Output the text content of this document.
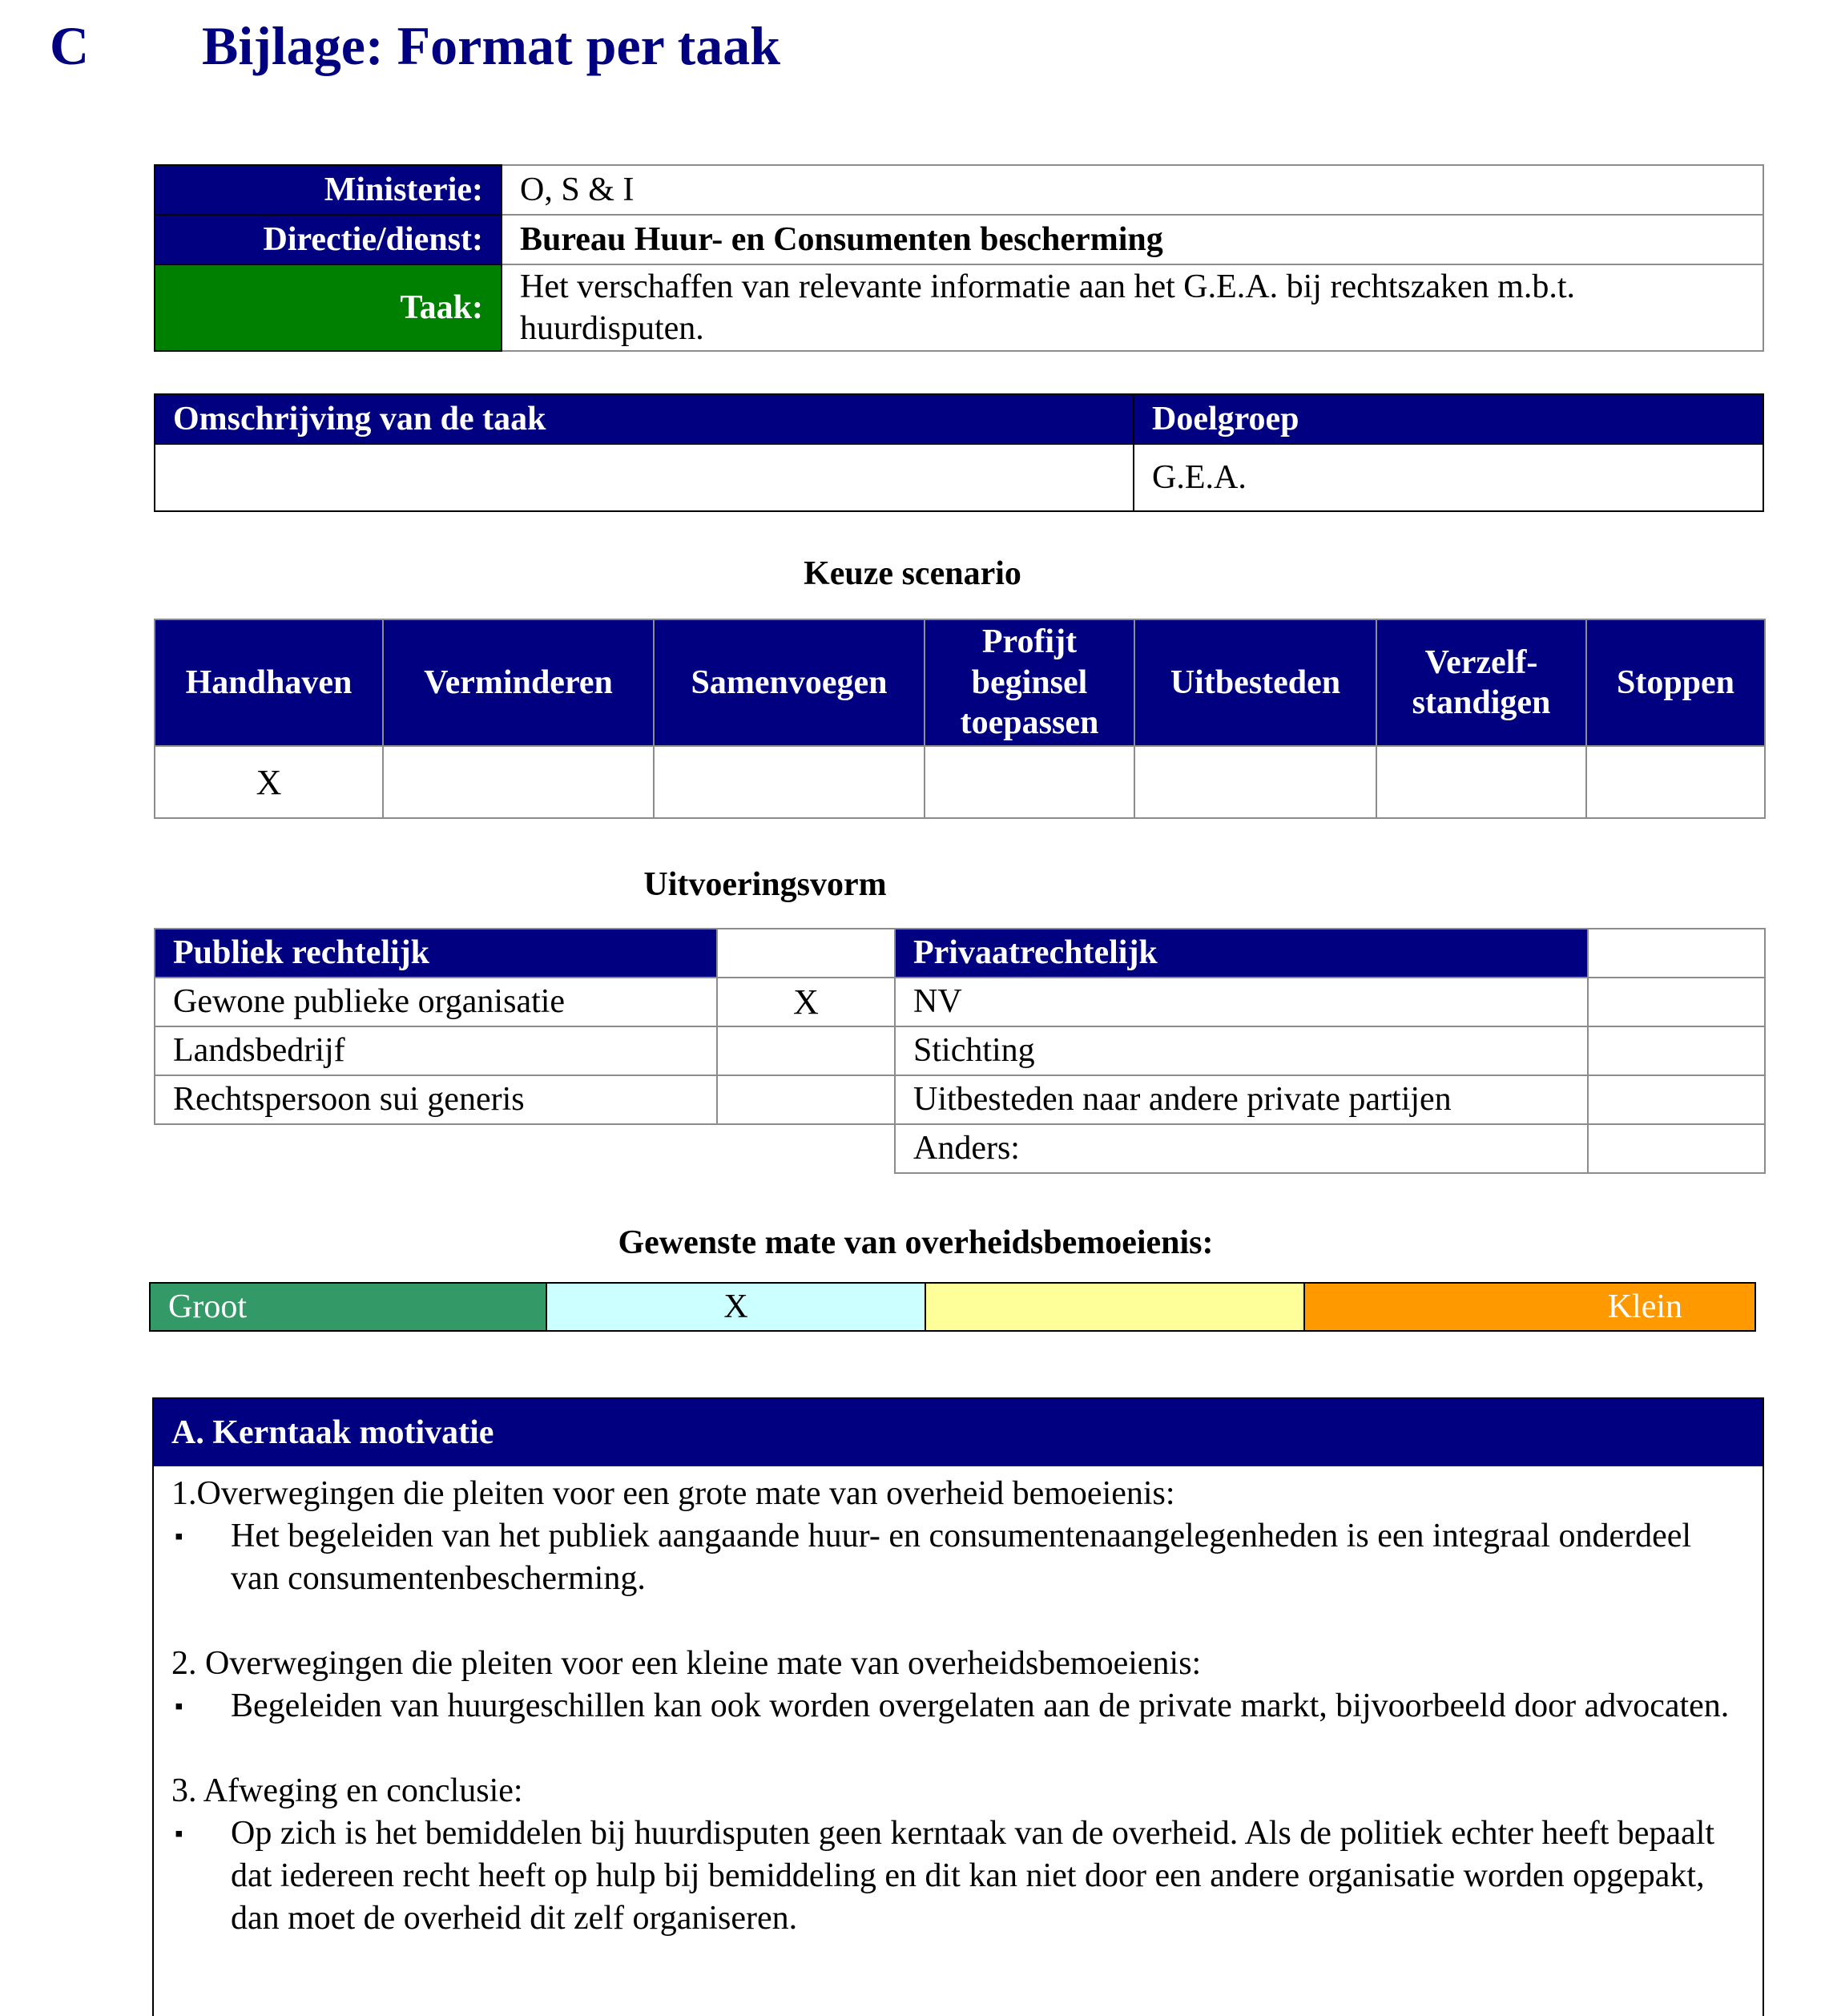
C Bijlage: Format per taak
Ministerie:	O, S & I
Directie/dienst:	Bureau Huur- en Consumenten bescherming
Taak:	Het verschaffen van relevante informatie aan het G.E.A. bij rechtszaken m.b.t. huurdisputen.
Omschrijving van de taak	Doelgroep
	G.E.A.
Keuze scenario
Handhaven	Verminderen	Samenvoegen	Profijt beginsel toepassen	Uitbesteden	Verzelf- standigen	Stoppen
X						
Uitvoeringsvorm
Publiek rechtelijk		Privaatrechtelijk	
Gewone publieke organisatie	X	NV	
Landsbedrijf		Stichting	
Rechtspersoon sui generis		Uitbesteden naar andere private partijen	
		Anders:	
Gewenste mate van overheidsbemoeienis:
Groot	X	Klein
A. Kerntaak motivatie

1.Overwegingen die pleiten voor een grote mate van overheid bemoeienis:

▪ Het begeleiden van het publiek aangaande huur- en consumentenaangelegenheden is een integraal onderdeel van consumentenbescherming.

2. Overwegingen die pleiten voor een kleine mate van overheidsbemoeienis:

▪ Begeleiden van huurgeschillen kan ook worden overgelaten aan de private markt, bijvoorbeeld door advocaten.

3. Afweging en conclusie:

▪ Op zich is het bemiddelen bij huurdisputen geen kerntaak van de overheid. Als de politiek echter heeft bepaalt dat iedereen recht heeft op hulp bij bemiddeling en dit kan niet door een andere organisatie worden opgepakt, dan moet de overheid dit zelf organiseren.
